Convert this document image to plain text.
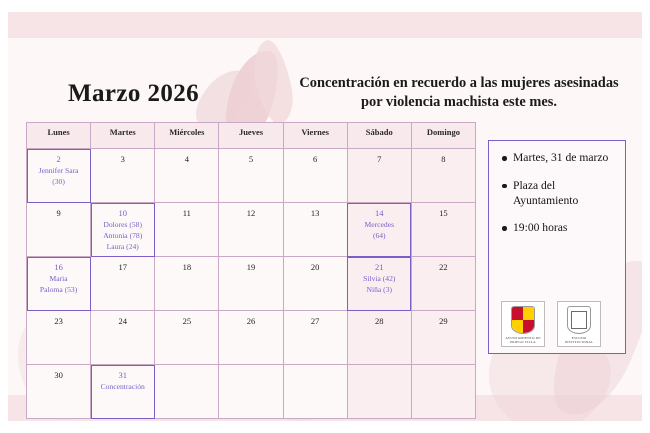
Marzo 2026	Concentración en recuerdo a las mujeres asesinadas por violencia machista este mes.
Lunes	Martes	Miércoles	Jueves	Viernes	Sábado	Domingo

2
Jennifer Sara
(30)	3	4	5	6	7	8

9	10
Dolores (58)
Antonia (78)
Laura (24)	11	12	13	14
Mercedes
(64)	15

16
Maria
Paloma (53)	17	18	19	20	21
Silvia (42)
Niña (3)	22

23	24	25	26	27	28	29

30	31
Concentración					

Martes, 31 de marzo
Plaza del Ayuntamiento
19:00 horas
AYUNTAMIENTO DE PRIEGO VILLA
ESCUDO INSTITUCIONAL
